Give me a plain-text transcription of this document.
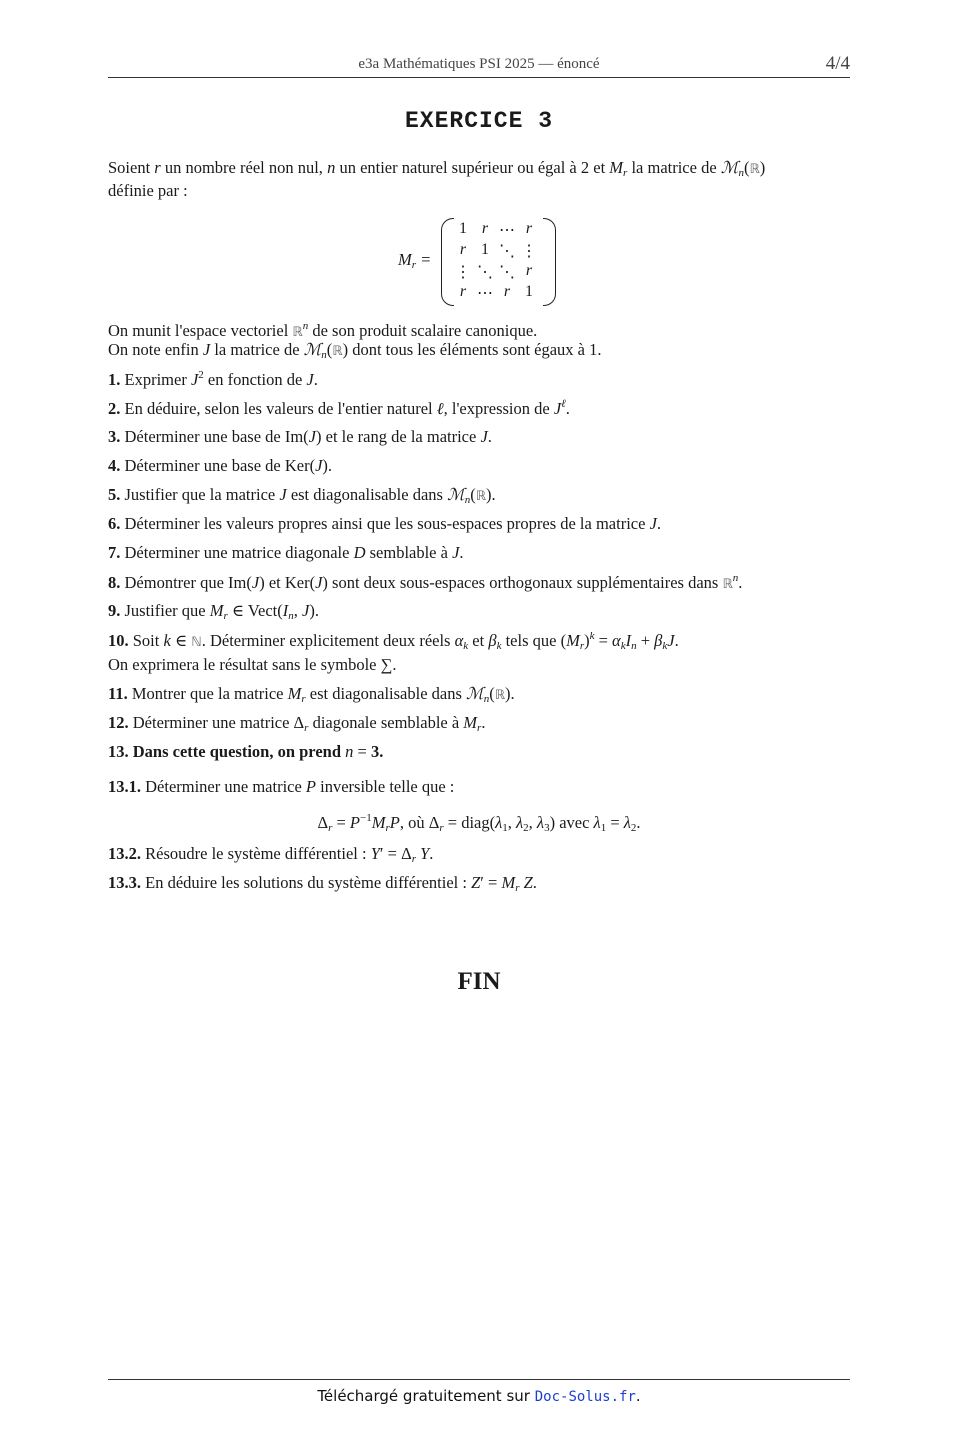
e3a Mathématiques PSI 2025 — énoncé	4/4
EXERCICE 3
Soient r un nombre réel non nul, n un entier naturel supérieur ou égal à 2 et $M_r$ la matrice de ℳ$_n$(ℝ)
définie par :
$M_r$ =
1 r ⋯ r
r 1 ⋱ ⋮
⋮ ⋱ ⋱ r
r ⋯ r 1
On munit l'espace vectoriel ℝ$^n$ de son produit scalaire canonique.
On note enfin J la matrice de ℳ$_n$(ℝ) dont tous les éléments sont égaux à 1.
1. Exprimer $J^2$ en fonction de J.
2. En déduire, selon les valeurs de l'entier naturel ℓ, l'expression de $J^\ell$.
3. Déterminer une base de Im(J) et le rang de la matrice J.
4. Déterminer une base de Ker(J).
5. Justifier que la matrice J est diagonalisable dans ℳ$_n$(ℝ).
6. Déterminer les valeurs propres ainsi que les sous-espaces propres de la matrice J.
7. Déterminer une matrice diagonale D semblable à J.
8. Démontrer que Im(J) et Ker(J) sont deux sous-espaces orthogonaux supplémentaires dans ℝ$^n$.
9. Justifier que $M_r$ ∈ $Vect(I_n$, J).
10. Soit k ∈ ℕ. Déterminer explicitement deux réels $\alpha_k$ et $\beta_k$ tels que $(M_r)^k = \alpha_kI_n + \beta_kJ$.
On exprimera le résultat sans le symbole ∑.
11. Montrer que la matrice $M_r$ est diagonalisable dans ℳ$_n$(ℝ).
12. Déterminer une matrice $\Delta_r$ diagonale semblable à $M_r$.
13. Dans cette question, on prend n = 3.
13.1. Déterminer une matrice P inversible telle que :
$\Delta_r = P^{-1}M_rP$, où $\Delta_r$ = $diag(\lambda_1$, $\lambda_2$, $\lambda_3$) avec $\lambda_1 = \lambda_2$.
13.2. Résoudre le système différentiel : $Y' = \Delta_r$ Y.
13.3. En déduire les solutions du système différentiel : $Z' = M_r$ Z.
FIN
Téléchargé gratuitement sur Doc-Solus.fr.
